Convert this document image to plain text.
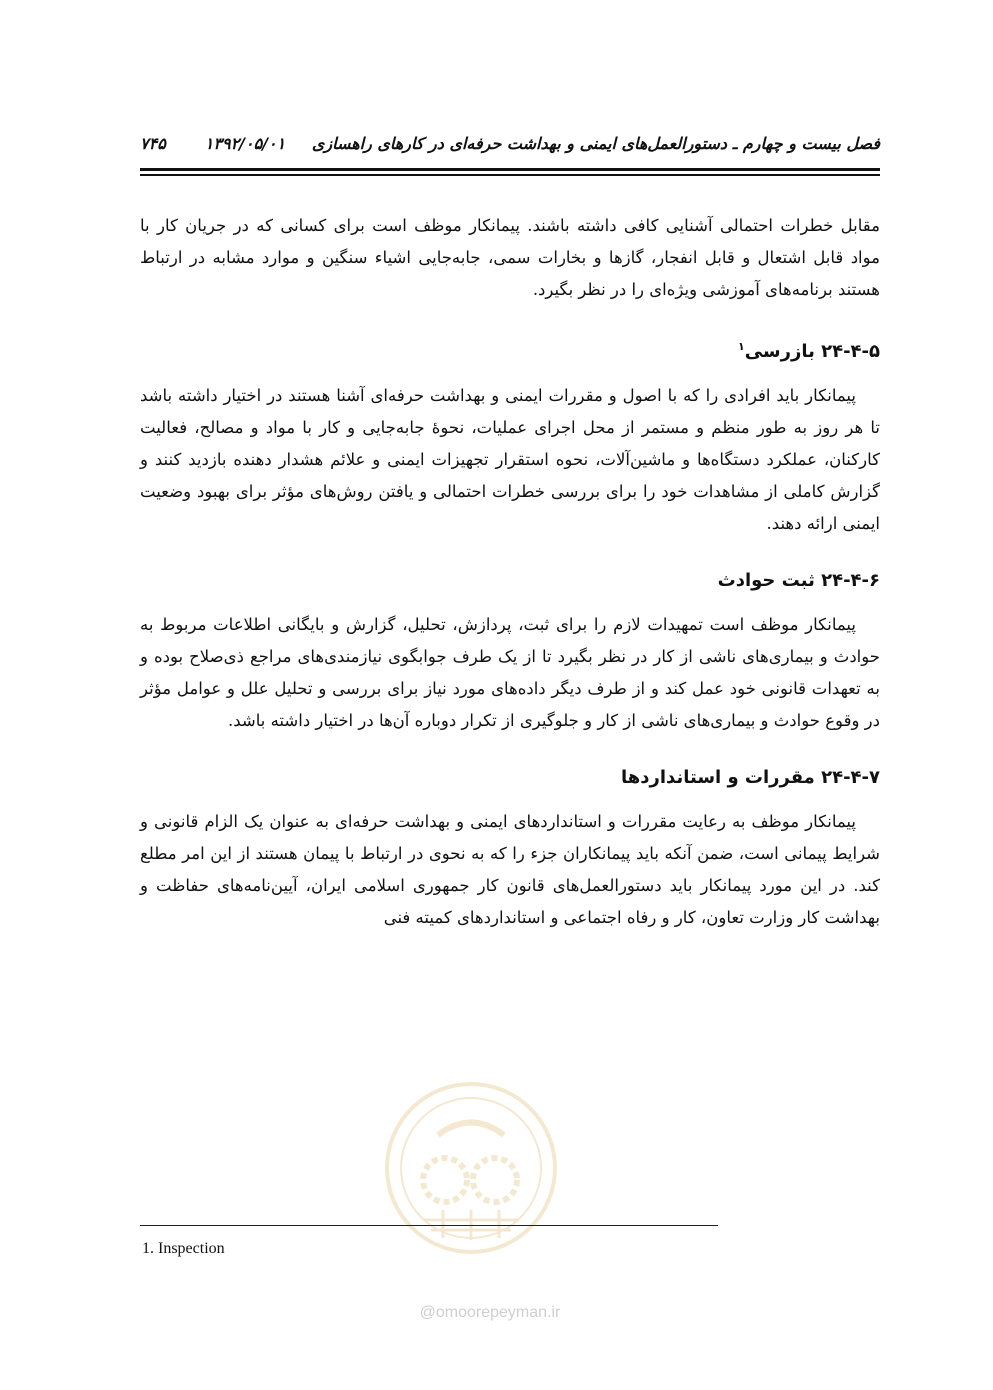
فصل بیست و چهارم ـ دستورالعمل‌های ایمنی و بهداشت حرفه‌ای در کارهای راهسازی
۱۳۹۲/۰۵/۰۱       ۷۴۵

مقابل خطرات احتمالی آشنایی کافی داشته باشند. پیمانکار موظف است برای کسانی که در جریان کار با مواد قابل اشتعال و قابل انفجار، گازها و بخارات سمی، جابه‌جایی اشیاء سنگین و موارد مشابه در ارتباط هستند برنامه‌های آموزشی ویژه‌ای را در نظر بگیرد.

۲۴-۴-۵ بازرسی$^۱$

پیمانکار باید افرادی را که با اصول و مقررات ایمنی و بهداشت حرفه‌ای آشنا هستند در اختیار داشته باشد تا هر روز به طور منظم و مستمر از محل اجرای عملیات، نحوهٔ جابه‌جایی و کار با مواد و مصالح، فعالیت کارکنان، عملکرد دستگاه‌ها و ماشین‌آلات، نحوه استقرار تجهیزات ایمنی و علائم هشدار دهنده بازدید کنند و گزارش کاملی از مشاهدات خود را برای بررسی خطرات احتمالی و یافتن روش‌های مؤثر برای بهبود وضعیت ایمنی ارائه دهند.

۲۴-۴-۶ ثبت حوادث

پیمانکار موظف است تمهیدات لازم را برای ثبت، پردازش، تحلیل، گزارش و بایگانی اطلاعات مربوط به حوادث و بیماری‌های ناشی از کار در نظر بگیرد تا از یک طرف جوابگوی نیازمندی‌های مراجع ذی‌صلاح بوده و به تعهدات قانونی خود عمل کند و از طرف دیگر داده‌های مورد نیاز برای بررسی و تحلیل علل و عوامل مؤثر در وقوع حوادث و بیماری‌های ناشی از کار و جلوگیری از تکرار دوباره آن‌ها در اختیار داشته باشد.

۲۴-۴-۷ مقررات و استانداردها

پیمانکار موظف به رعایت مقررات و استانداردهای ایمنی و بهداشت حرفه‌ای به عنوان یک الزام قانونی و شرایط پیمانی است، ضمن آنکه باید پیمانکاران جزء را که به نحوی در ارتباط با پیمان هستند از این امر مطلع کند. در این مورد پیمانکار باید دستورالعمل‌های قانون کار جمهوری اسلامی ایران، آیین‌نامه‌های حفاظت و بهداشت کار وزارت تعاون، کار و رفاه اجتماعی و استانداردهای کمیته فنی

1. Inspection
@omoorepeyman.ir
